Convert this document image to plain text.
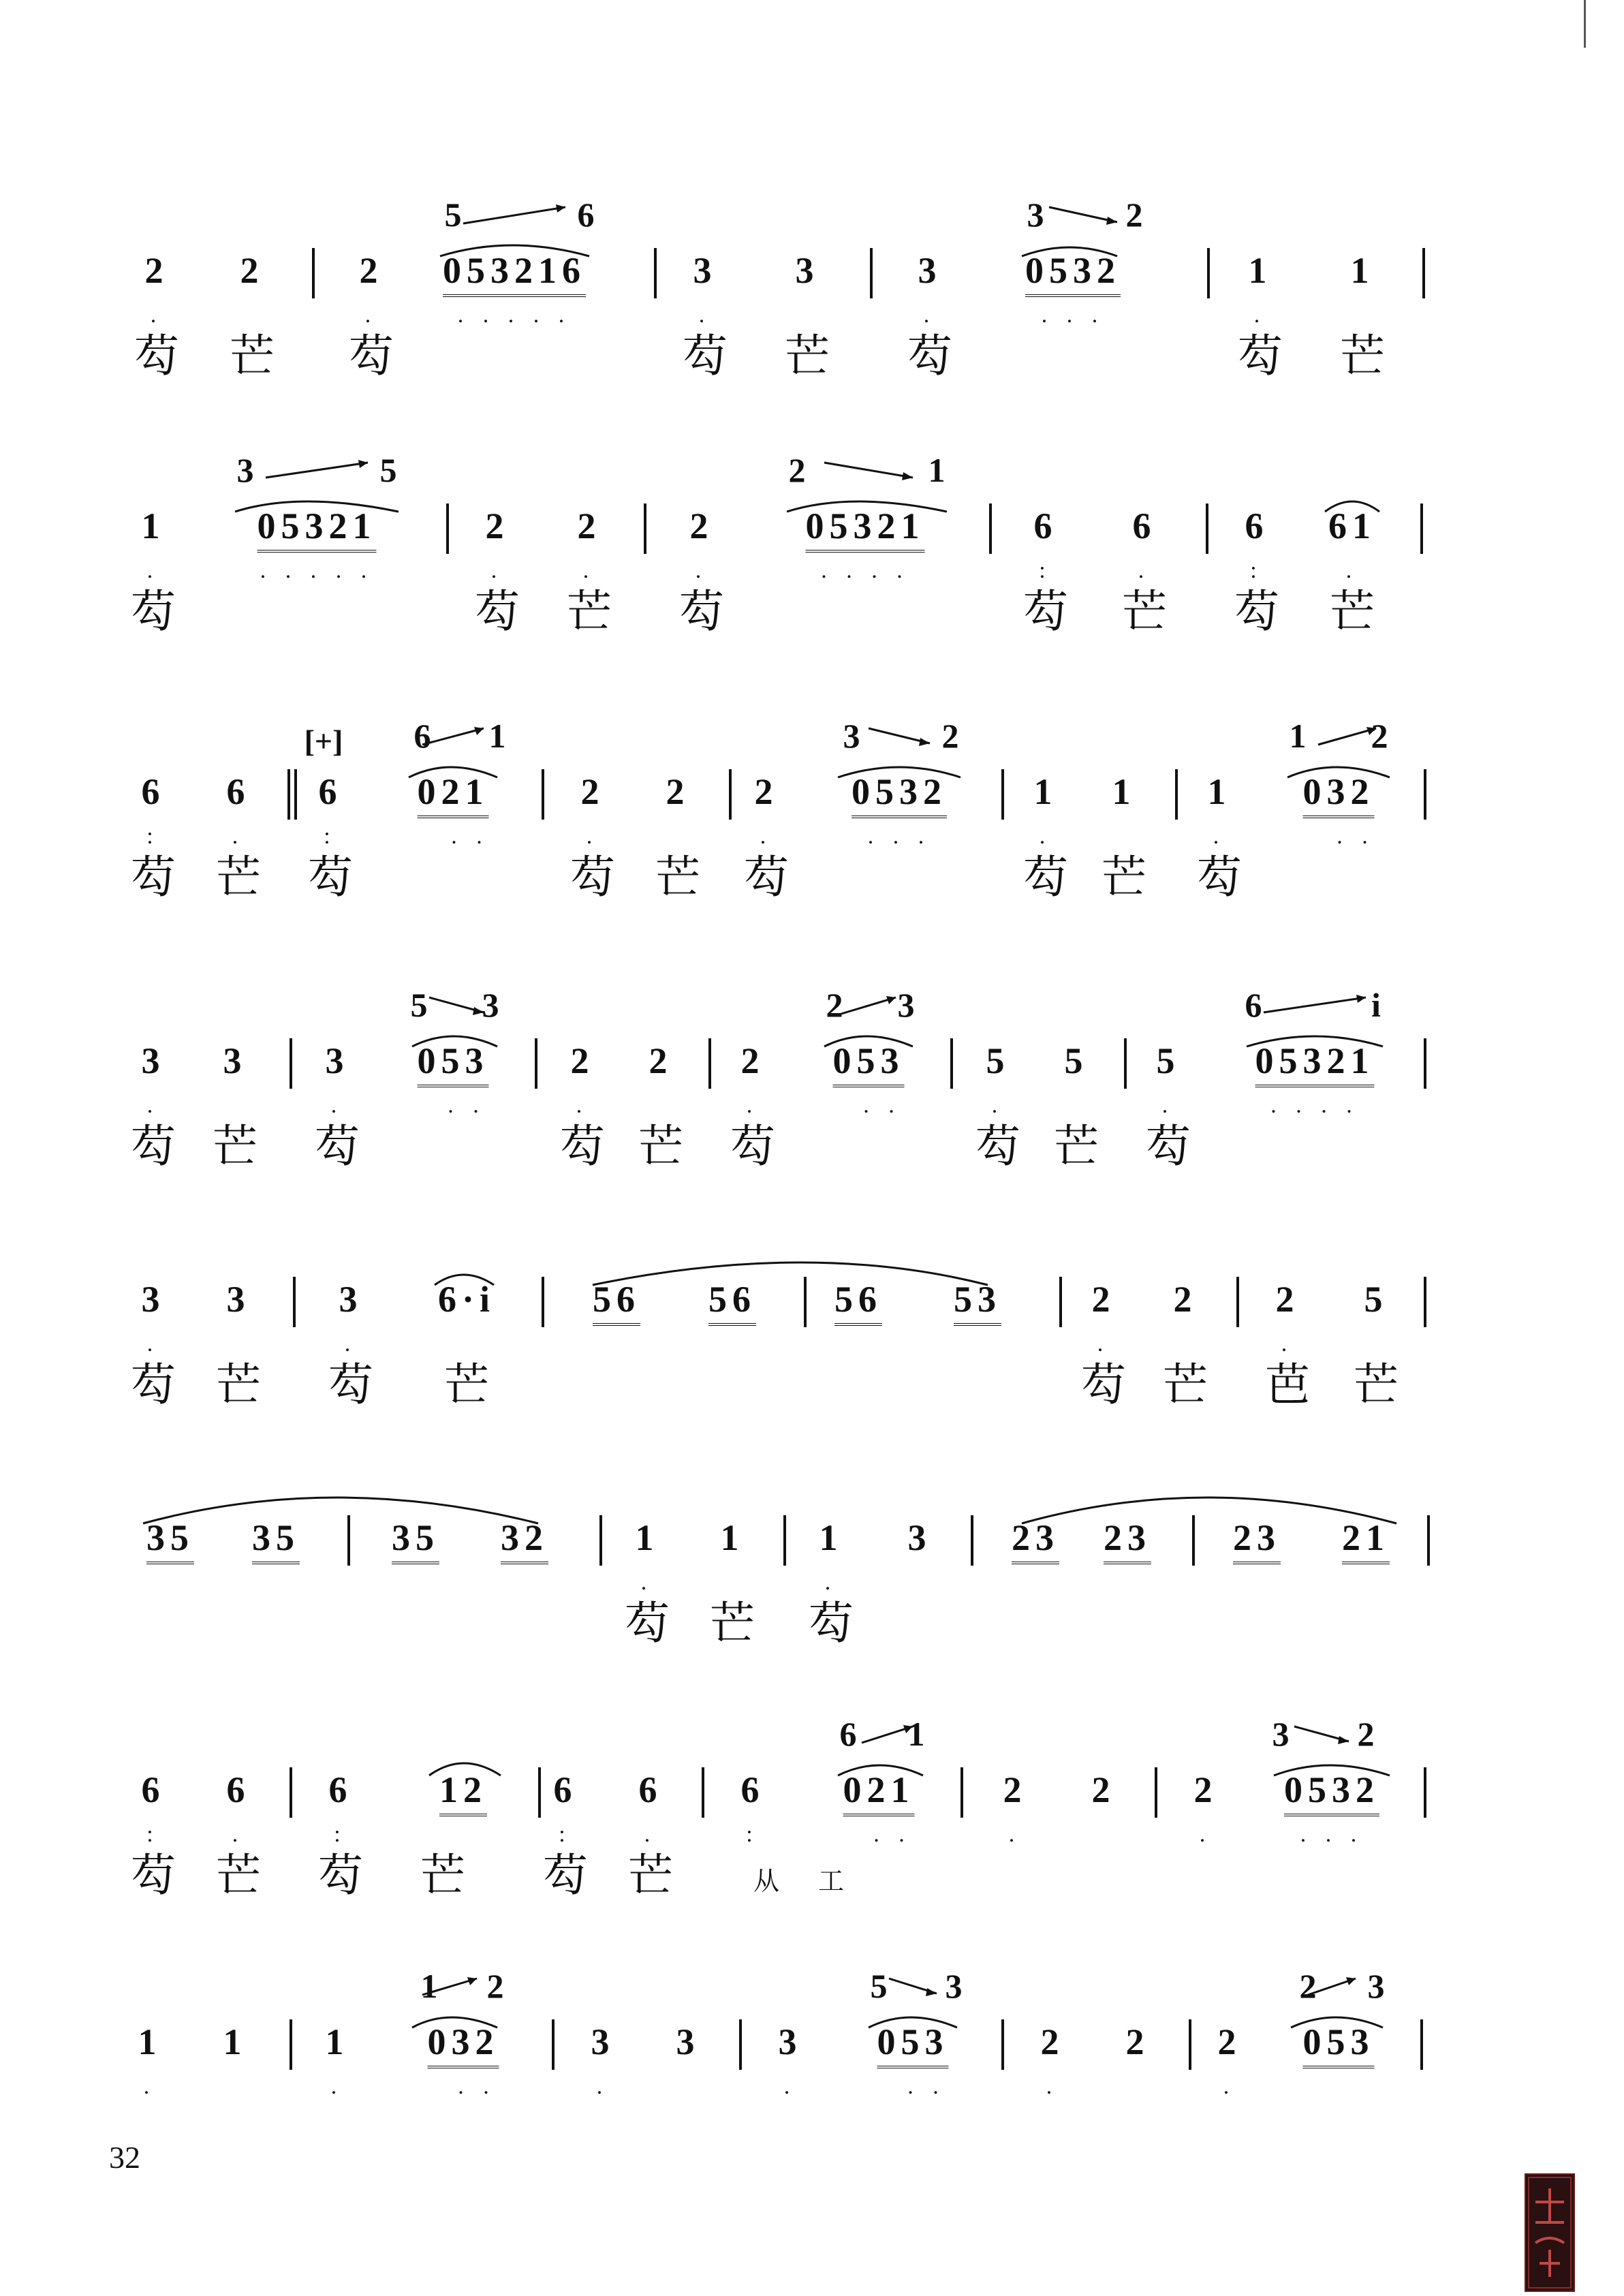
5	6	3 2
2
.
2	2
.
053216
. . . . .
3
.
3	3
.
0532
. . .
1
.
1
芶 芒 芶	芶 芒 芶	芶 芒
3	5	2	1
1
.
05321
. . . . .
2
.
2
.
2
.
05321
. . . .
6
:
6
.
6
:
61
.
芶	芶 芒 芶	芶 芒 芶 芒
[+] 6 1	3 2	1 2
6
:
6
.
6
:
021
. .
2
.
2 2
.
0532
. . .
1
.
1 1
.
032
. .
芶 芒 芶	芶 芒 芶	芶 芒 芶
5 3	2 3	6	i
3
.
3 3
.
053
. .
2
.
2 2
.
053
. .
5
.
5 5
.
05321
. . . .
芶 芒 芶	芶 芒 芶	芶 芒 芶
3
.
3 3
.
6·i	56 56 56 53 2
.
2 2
.
5
芶 芒 芶 芒	芶 芒 芭 芒
35 35	35 32 1
.
1 1
.
3 23 23 23 21
芶 芒 芶
6 1	3 2
6
:
6
.
6
:
12 6
:
6
.
6
:
021
. .
2
.
2 2
.
0532
. . .
芶 芒 芶 芒 芶 芒	从 工
1 2	5 3	2 3
1
.
1 1
.
032
. .
3
.
3 3
.
053
. .
2
.
2 2
.
053
32
